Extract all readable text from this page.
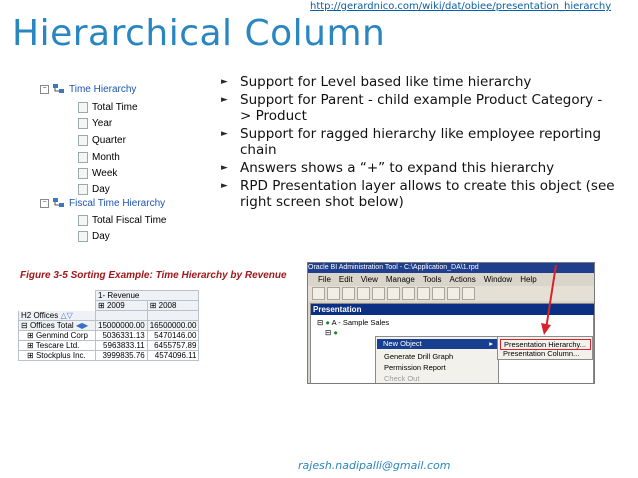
http://gerardnico.com/wiki/dat/obiee/presentation_hierarchy
Hierarchical Column
− Time Hierarchy
Total Time
Year
Quarter
Month
Week
Day
− Fiscal Time Hierarchy
Total Fiscal Time
Day
► Support for Level based like time hierarchy
► Support for Parent - child example Product Category - > Product
► Support for ragged hierarchy like employee reporting chain
► Answers shows a “+” to expand this hierarchy
► RPD Presentation layer allows to create this object (see right screen shot below)
Figure 3-5 Sorting Example: Time Hierarchy by Revenue
	1- Revenue	
	⊞ 2009	⊞ 2008
H2 Offices △▽		
⊟ Offices Total ◀▶	15000000.00	16500000.00
⊞ Genmind Corp	5036331.13	5470146.00
⊞ Tescare Ltd.	5963833.11	6455757.89
⊞ Stockplus Inc.	3999835.76	4574096.11
Oracle BI Administration Tool - C:\Application_DA\1.rpd
File Edit View Manage Tools Actions Window Help
Presentation
⊟ ● A - Sample Sales
⊟ ●
New Object	▸
Generate Drill Graph
Permission Report
Check Out
Presentation Hierarchy...
Presentation Column...
rajesh.nadipalli@gmail.com
